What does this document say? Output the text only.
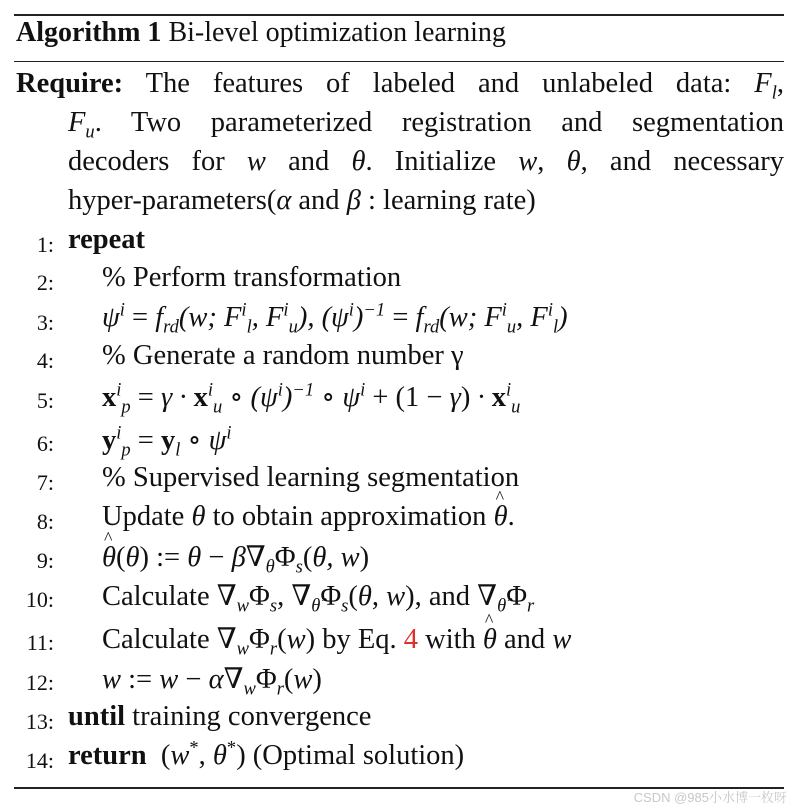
Algorithm 1 Bi-level optimization learning
Require: The features of labeled and unlabeled data: $F_l$,
$F_u$. Two parameterized registration and segmentation
decoders for w and θ. Initialize w, θ, and necessary
hyper-parameters(α and β : learning rate)
1 : repeat
2 : % Perform transformation
3 : $\psi^i = f_{rd}(w$; $F^i_l$, $F^i_u$), $(\psi^i)^{-1} = f_{rd}(w$; $F^i_u$, $F^i_l$)
4 : % Generate a random number γ
5 : $x^i_p = \gamma \cdot x^i_u$ ∘ $(\psi^i)^{-1}$ ∘ $\psi^i + (1 - \gamma) \cdot x^i_u$
6 : $y^i_p = y_l$ ∘ $\psi^i$
7 : % Supervised learning segmentation
8 : Update θ to obtain approximation ^ θ.
9 :
^ θ(θ) := $\theta - \beta\nabla_\theta\Phi_s(\theta$, w)
10 : Calculate $\nabla_w\Phi_s$, $\nabla_{\thetâ}\Phi_s(\theta$, w), and $\nabla_{\thetâ}\Phi_r$
11 : Calculate $\nabla_w\Phi_r(w)$ by Eq. 4 with ^ θ and w
12 : w := $w - \alpha\nabla_w\Phi_r(w)$
13 : until training convergence
14 : return  (w*, θ*) (Optimal solution)
CSDN @985小水博一枚呀
